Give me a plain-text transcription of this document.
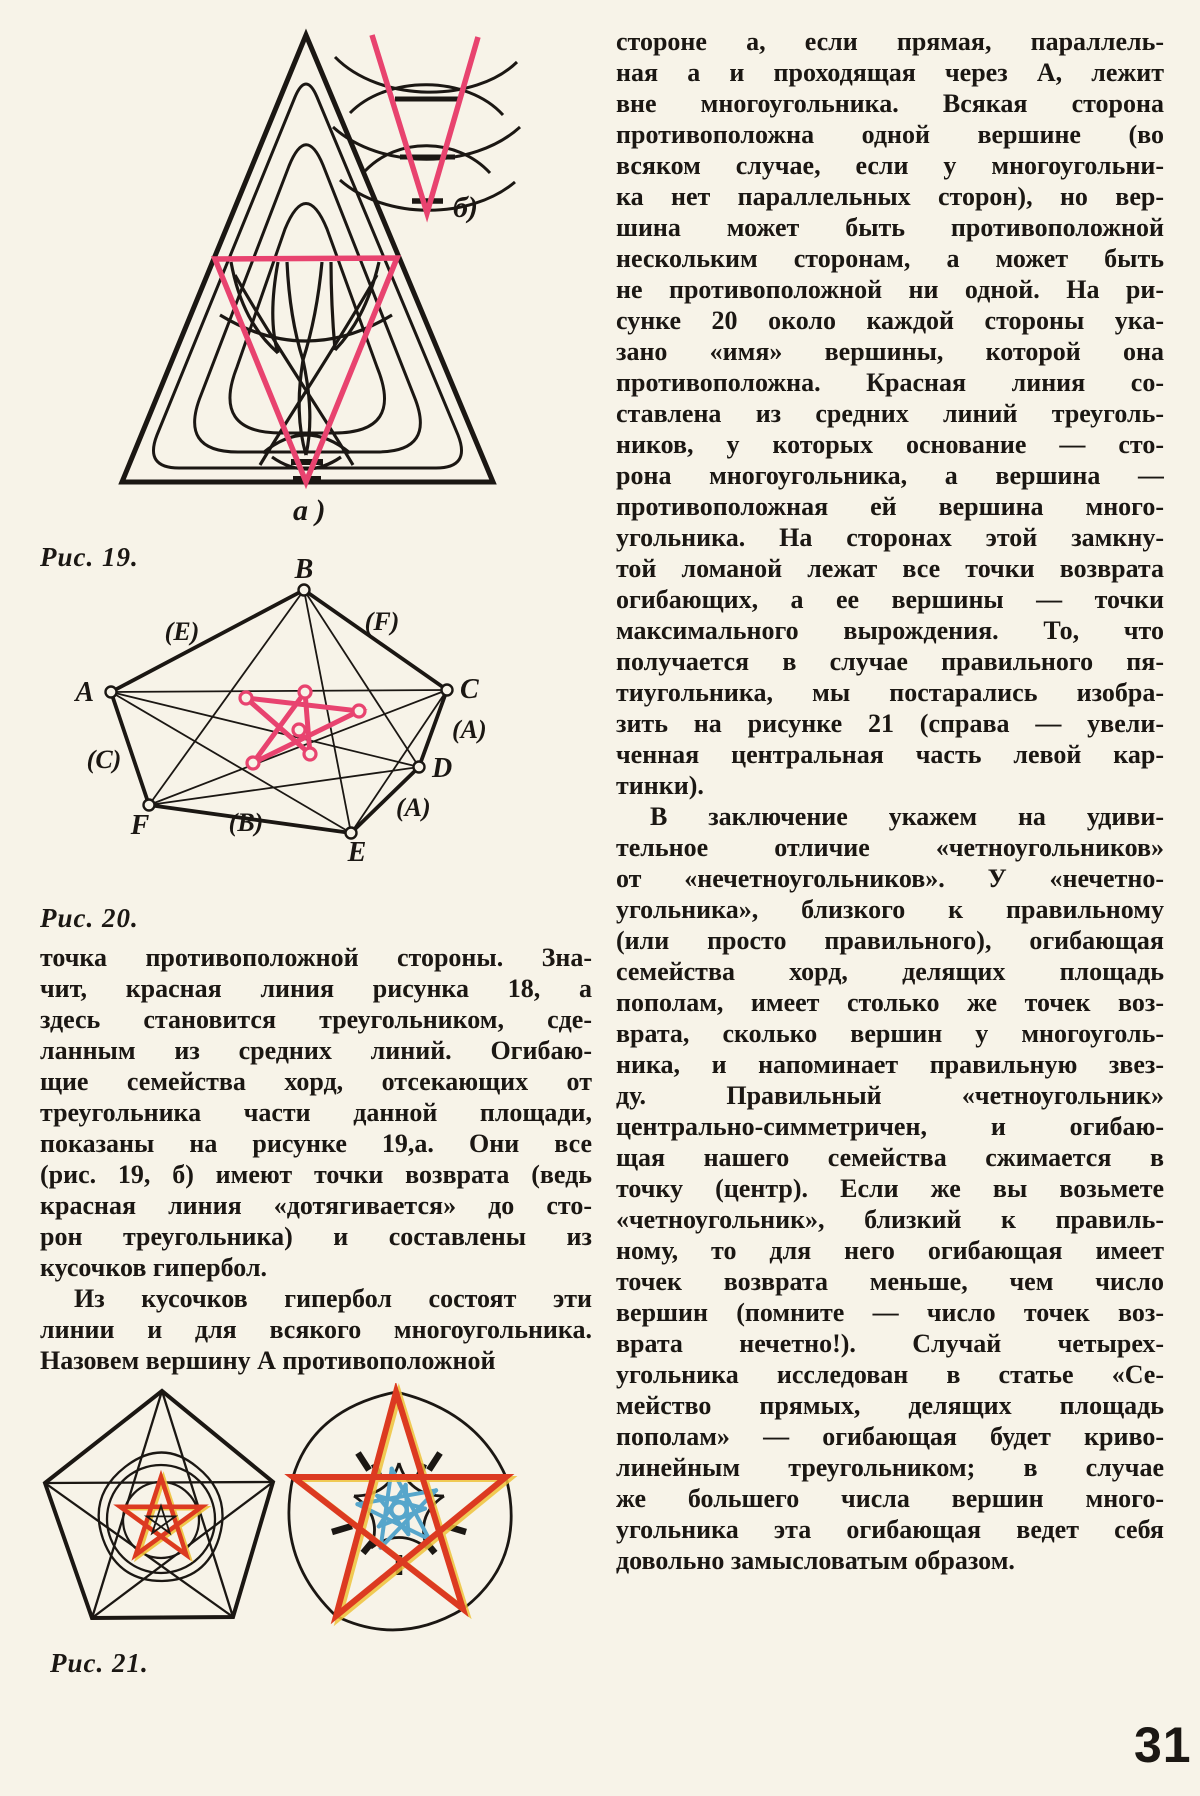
а )
б)
Рис. 19.	B
A	C
D
E
F
(E)	(F)
(A)
(A)
(B)
(C)
Рис. 20.
точка противоположной стороны. Зна-
чит, красная линия рисунка 18, а
здесь становится треугольником, сде-
ланным из средних линий. Огибаю-
щие семейства хорд, отсекающих от
треугольника части данной площади,
показаны на рисунке 19,а. Они все
(рис. 19, б) имеют точки возврата (ведь
красная линия «дотягивается» до сто-
рон треугольника) и составлены из
кусочков гипербол.
Из кусочков гипербол состоят эти
линии и для всякого многоугольника.
Назовем вершину А противоположной
Рис. 21.
стороне а, если прямая, параллель-
ная а и проходящая через А, лежит
вне многоугольника. Всякая сторона
противоположна одной вершине (во
всяком случае, если у многоугольни-
ка нет параллельных сторон), но вер-
шина может быть противоположной
нескольким сторонам, а может быть
не противоположной ни одной. На ри-
сунке 20 около каждой стороны ука-
зано «имя» вершины, которой она
противоположна. Красная линия со-
ставлена из средних линий треуголь-
ников, у которых основание — сто-
рона многоугольника, а вершина —
противоположная ей вершина много-
угольника. На сторонах этой замкну-
той ломаной лежат все точки возврата
огибающих, а ее вершины — точки
максимального вырождения. То, что
получается в случае правильного пя-
тиугольника, мы постарались изобра-
зить на рисунке 21 (справа — увели-
ченная центральная часть левой кар-
тинки).
В заключение укажем на удиви-
тельное отличие «четноугольников»
от «нечетноугольников». У «нечетно-
угольника», близкого к правильному
(или просто правильного), огибающая
семейства хорд, делящих площадь
пополам, имеет столько же точек воз-
врата, сколько вершин у многоуголь-
ника, и напоминает правильную звез-
ду. Правильный «четноугольник»
центрально-симметричен, и огибаю-
щая нашего семейства сжимается в
точку (центр). Если же вы возьмете
«четноугольник», близкий к правиль-
ному, то для него огибающая имеет
точек возврата меньше, чем число
вершин (помните — число точек воз-
врата нечетно!). Случай четырех-
угольника исследован в статье «Се-
мейство прямых, делящих площадь
пополам» — огибающая будет криво-
линейным треугольником; в случае
же большего числа вершин много-
угольника эта огибающая ведет себя
довольно замысловатым образом.
31
